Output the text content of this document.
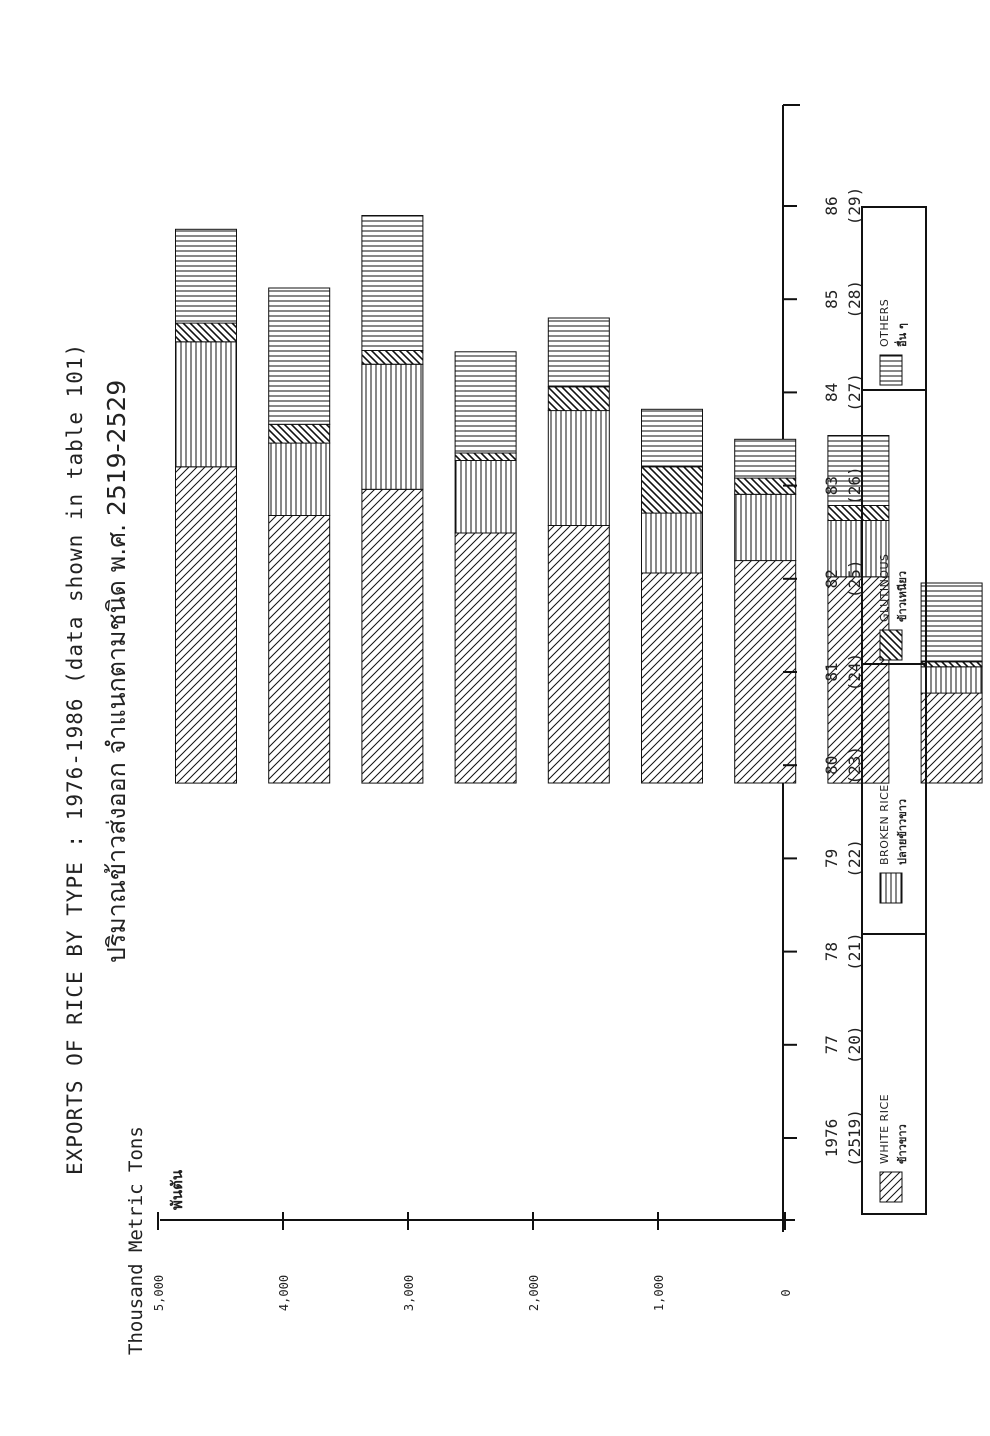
EXPORTS OF RICE BY TYPE : 1976-1986 (data shown in table 101) ปริมาณข้าวส่งออก จำแนกตามชนิด พ.ศ. 2519-2529
Thousand Metric Tons พันตัน
0
1,000
2,000
3,000
4,000
5,000
1976 (2519)
77 (20)
78 (21)
79 (22)
80 (23)
81 (24)
82 (25)
83 (26)
84 (27)
85 (28)
86 (29)
WHITE RICE ข้าวขาว
BROKEN RICE ปลายข้าวขาว
GLUTINOUS ข้าวเหนียว
OTHERS อื่น ๆ
